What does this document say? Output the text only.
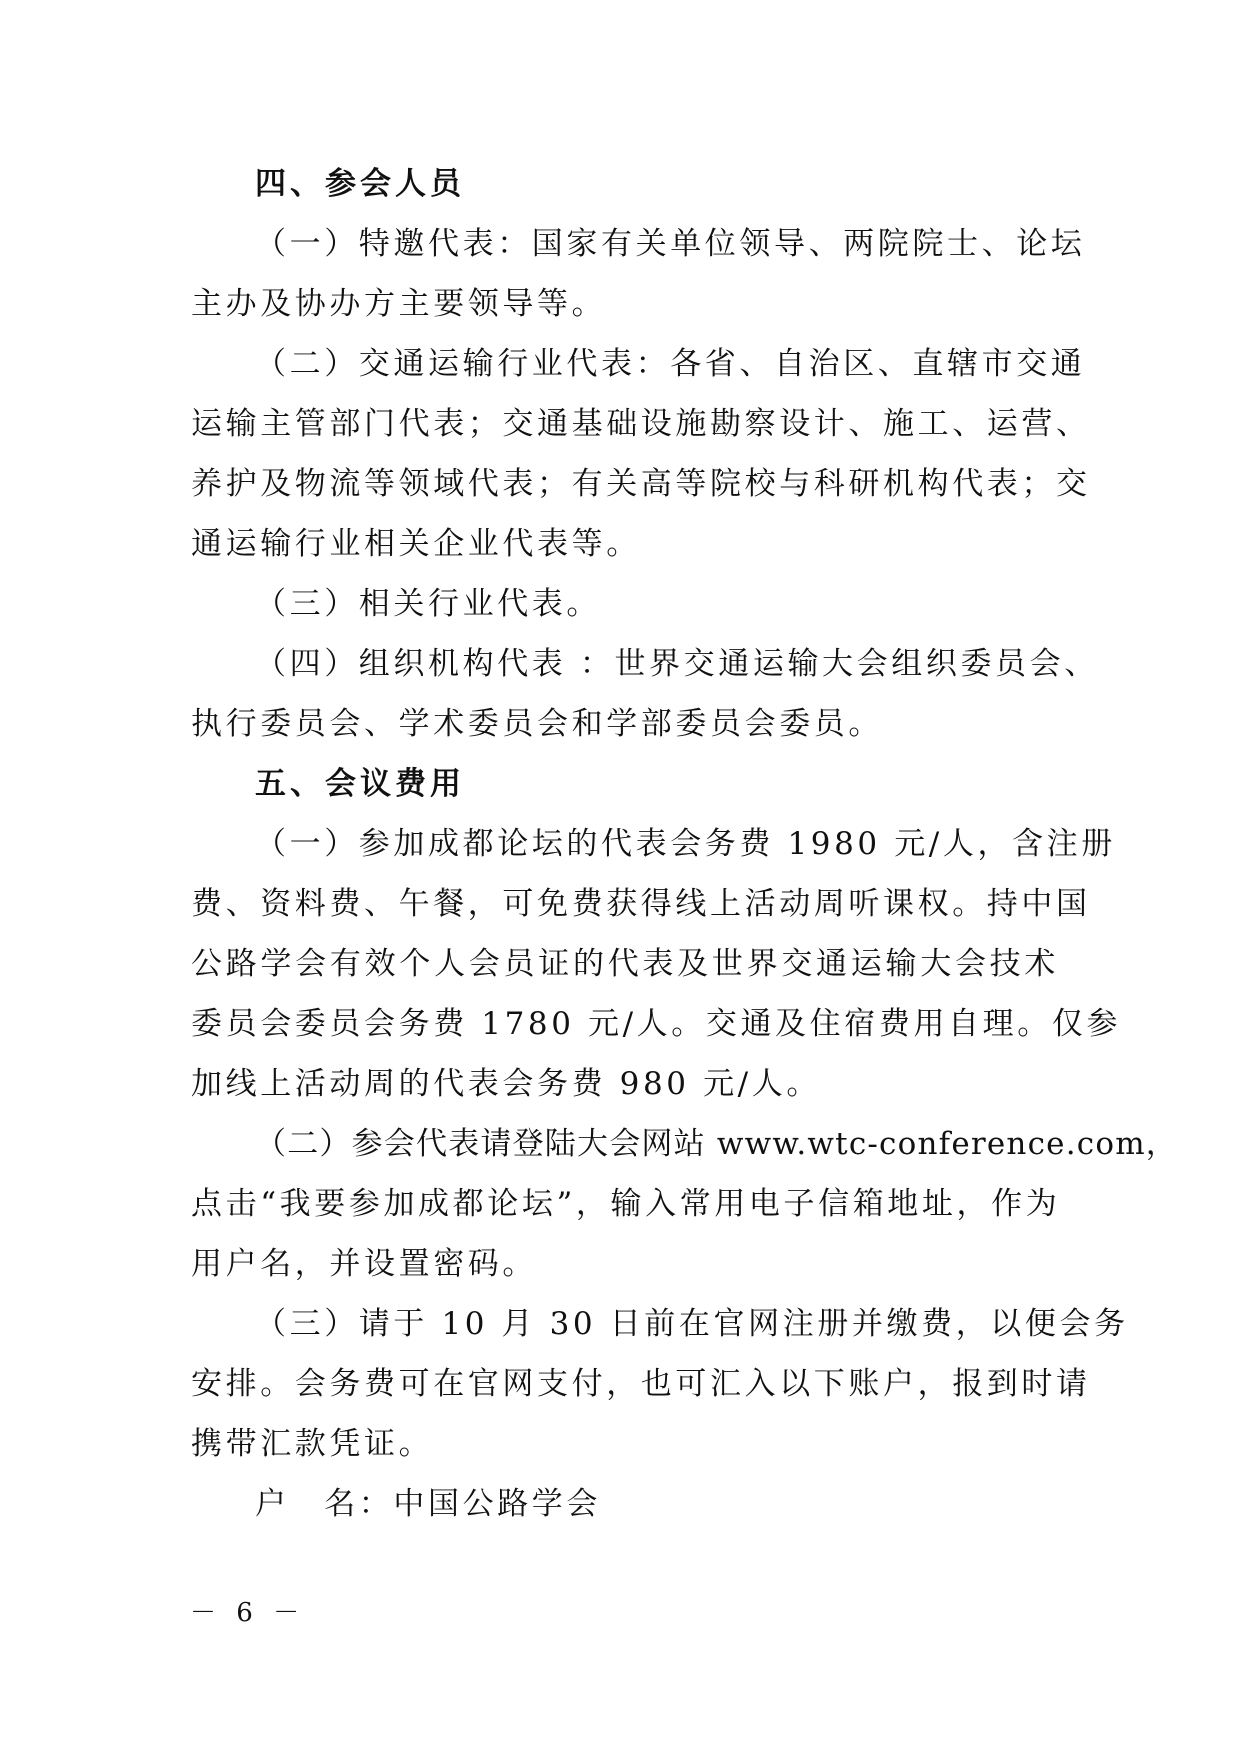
四、参会人员
（一）特邀代表：国家有关单位领导、两院院士、论坛
主办及协办方主要领导等。
（二）交通运输行业代表：各省、自治区、直辖市交通
运输主管部门代表；交通基础设施勘察设计、施工、运营、
养护及物流等领域代表；有关高等院校与科研机构代表；交
通运输行业相关企业代表等。
（三）相关行业代表。
（四）组织机构代表 ：世界交通运输大会组织委员会、
执行委员会、学术委员会和学部委员会委员。
五、会议费用
（一）参加成都论坛的代表会务费 1980 元/人，含注册
费、资料费、午餐，可免费获得线上活动周听课权。持中国
公路学会有效个人会员证的代表及世界交通运输大会技术
委员会委员会务费 1780 元/人。交通及住宿费用自理。仅参
加线上活动周的代表会务费 980 元/人。
（二）参会代表请登陆大会网站 www.wtc-conference.com，
点击“我要参加成都论坛”，输入常用电子信箱地址，作为
用户名，并设置密码。
（三）请于 10 月 30 日前在官网注册并缴费，以便会务
安排。会务费可在官网支付，也可汇入以下账户，报到时请
携带汇款凭证。
户　名：中国公路学会
－ 6 －
